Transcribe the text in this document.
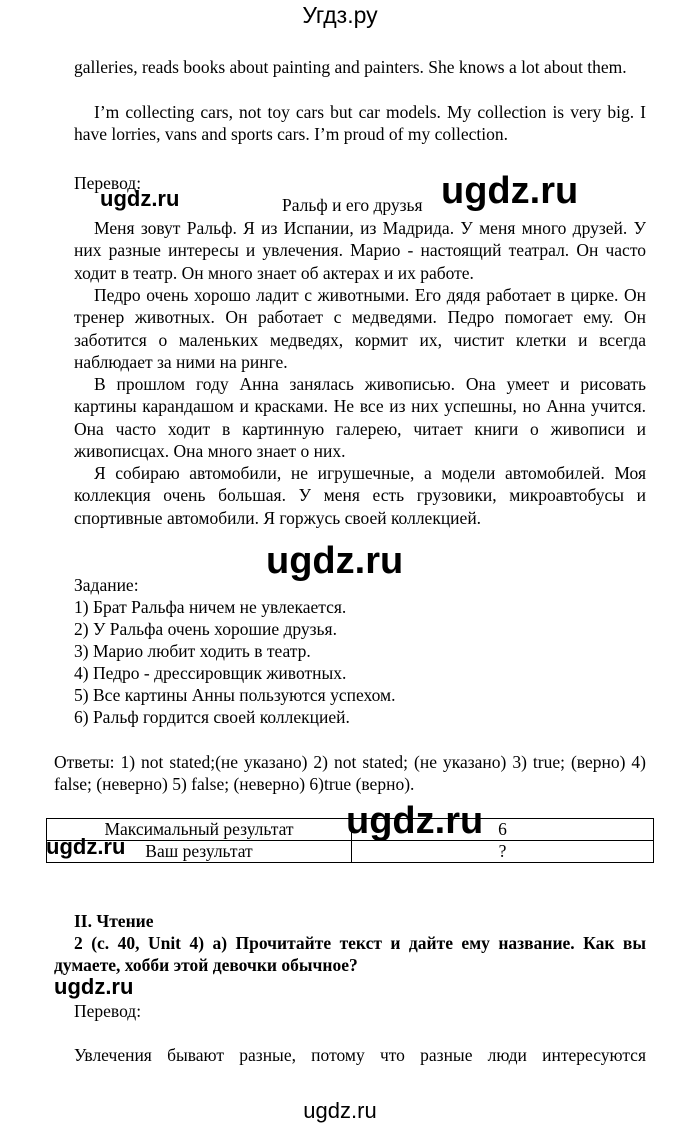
Угдз.ру
galleries, reads books about painting and painters. She knows a lot about them.
I’m collecting cars, not toy cars but car models. My collection is very big. I have lorries, vans and sports cars. I’m proud of my collection.
Перевод:
Ральф и его друзья
ugdz.ru	ugdz.ru
Меня зовут Ральф. Я из Испании, из Мадрида. У меня много друзей. У них разные интересы и увлечения. Марио - настоящий театрал. Он часто ходит в театр. Он много знает об актерах и их работе.
Педро очень хорошо ладит с животными. Его дядя работает в цирке. Он тренер животных. Он работает с медведями. Педро помогает ему. Он заботится о маленьких медведях, кормит их, чистит клетки и всегда наблюдает за ними на ринге.
В прошлом году Анна занялась живописью. Она умеет и рисовать картины карандашом и красками. Не все из них успешны, но Анна учится. Она часто ходит в картинную галерею, читает книги о живописи и живописцах. Она много знает о них.
Я собираю автомобили, не игрушечные, а модели автомобилей. Моя коллекция очень большая. У меня есть грузовики, микроавтобусы и спортивные автомобили. Я горжусь своей коллекцией.
ugdz.ru
Задание:
1) Брат Ральфа ничем не увлекается.
2) У Ральфа очень хорошие друзья.
3) Марио любит ходить в театр.
4) Педро - дрессировщик животных.
5) Все картины Анны пользуются успехом.
6) Ральф гордится своей коллекцией.
Ответы: 1) not stated;(не указано) 2) not stated; (не указано) 3) true; (верно) 4) false; (неверно) 5) false; (неверно) 6)true (верно).
Максимальный результат	6
Ваш результат	?
ugdz.ru
ugdz.ru
II. Чтение
2 (с. 40, Unit 4) а) Прочитайте текст и дайте ему название. Как вы думаете, хобби этой девочки обычное?
ugdz.ru
Перевод:
Увлечения бывают разные, потому что разные люди интересуются
ugdz.ru
